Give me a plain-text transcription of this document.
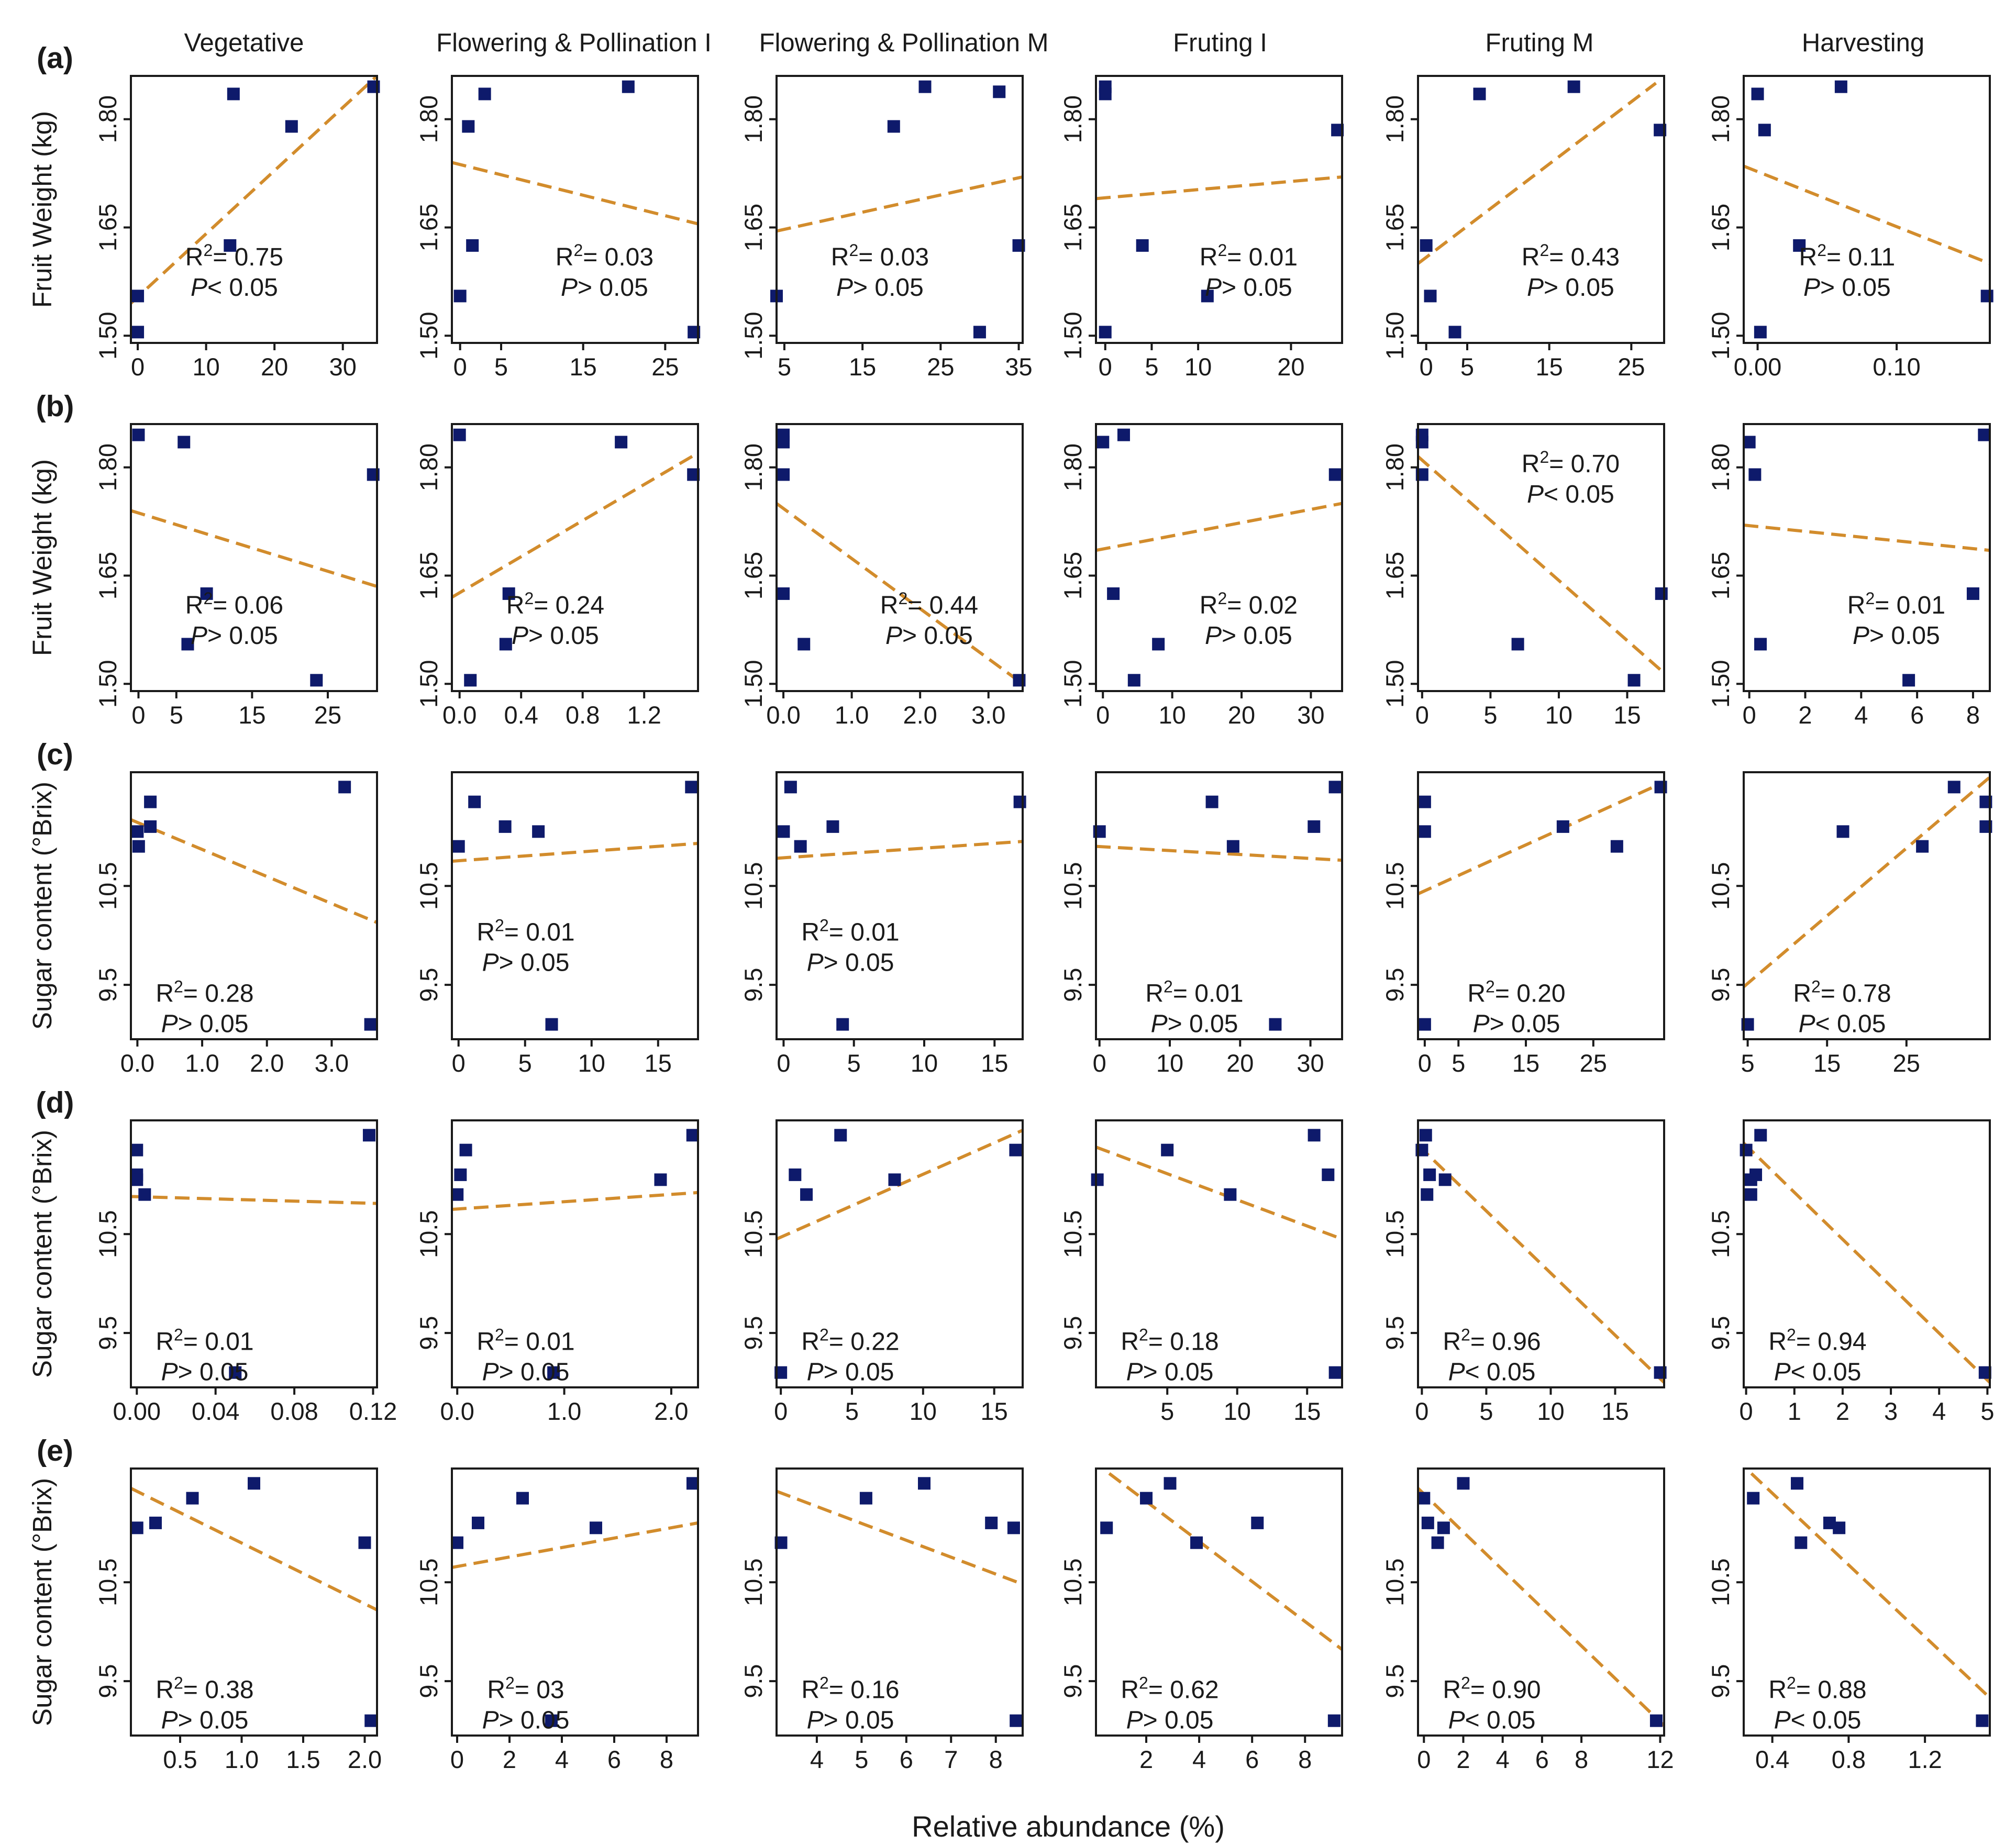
Vegetative	Flowering & Pollination I Flowering & Pollination M	Fruting I	Fruting M	Harvesting
(a)
(b)
(c)
(d)
(e)
Fruit Weight (kg)
Fruit Weight (kg)
Sugar content (°Brix)
Sugar content (°Brix)
Sugar content (°Brix)
0 10 20 30
1.50
1.65
1.80
$R^2= 0.75$
P< 0.05
0 5 15 25
1.50
1.65
1.80
$R^2= 0.03$
P> 0.05
5 15 25 35
1.50
1.65
1.80
$R^2= 0.03$
P> 0.05
0 5 10	20
1.50
1.65
1.80
$R^2= 0.01$
P> 0.05
0 5 15 25
1.50
1.65
1.80
$R^2= 0.43$
P> 0.05
0.00	0.10
1.50
1.65
1.80
$R^2= 0.11$
P> 0.05
0 5 15 25
1.50
1.65
1.80
$R^2= 0.06$
P> 0.05
0.0 0.4 0.8 1.2
1.50
1.65
1.80
$R^2= 0.24$
P> 0.05
0.0 1.0 2.0 3.0
1.50
1.65
1.80
$R^2= 0.44$
P> 0.05
0 10 20 30
1.50
1.65
1.80
$R^2= 0.02$
P> 0.05
0 5 10 15
1.50
1.65
1.80	$R^2= 0.70$
P< 0.05
0 2 4 6 8
1.50
1.65
1.80
$R^2= 0.01$
P> 0.05
0.0 1.0 2.0 3.0
9.5
10.5
$R^2= 0.28$
P> 0.05
0 5 10 15
9.5
10.5
$R^2= 0.01$
P> 0.05
0 5 10 15
9.5
10.5
$R^2= 0.01$
P> 0.05
0 10 20 30
9.5
10.5
$R^2= 0.01$
P> 0.05
0 5 15 25
9.5
10.5
$R^2= 0.20$
P> 0.05
5 15 25
9.5
10.5
$R^2= 0.78$
P< 0.05
0.00 0.04 0.08 0.12
9.5
10.5
$R^2= 0.01$
P> 0.05
0.0	1.0	2.0
9.5
10.5
$R^2= 0.01$
P> 0.05
0 5 10 15
9.5
10.5
$R^2= 0.22$
P> 0.05
5 10 15
9.5
10.5
$R^2= 0.18$
P> 0.05
0 5 10 15
9.5
10.5
$R^2= 0.96$
P< 0.05
0 1 2 3 4 5
9.5
10.5
$R^2= 0.94$
P< 0.05
0.5 1.0 1.5 2.0
9.5
10.5
$R^2= 0.38$
P> 0.05
0 2 4 6 8
9.5
10.5
$R^2= 03$
P> 0.05
4 5 6 7 8
9.5
10.5
$R^2= 0.16$
P> 0.05
2 4 6 8
9.5
10.5
$R^2= 0.62$
P> 0.05
0 2 4 6 8 12
9.5
10.5
$R^2= 0.90$
P< 0.05
0.4 0.8 1.2
9.5
10.5
$R^2= 0.88$
P< 0.05
Relative abundance (%)
